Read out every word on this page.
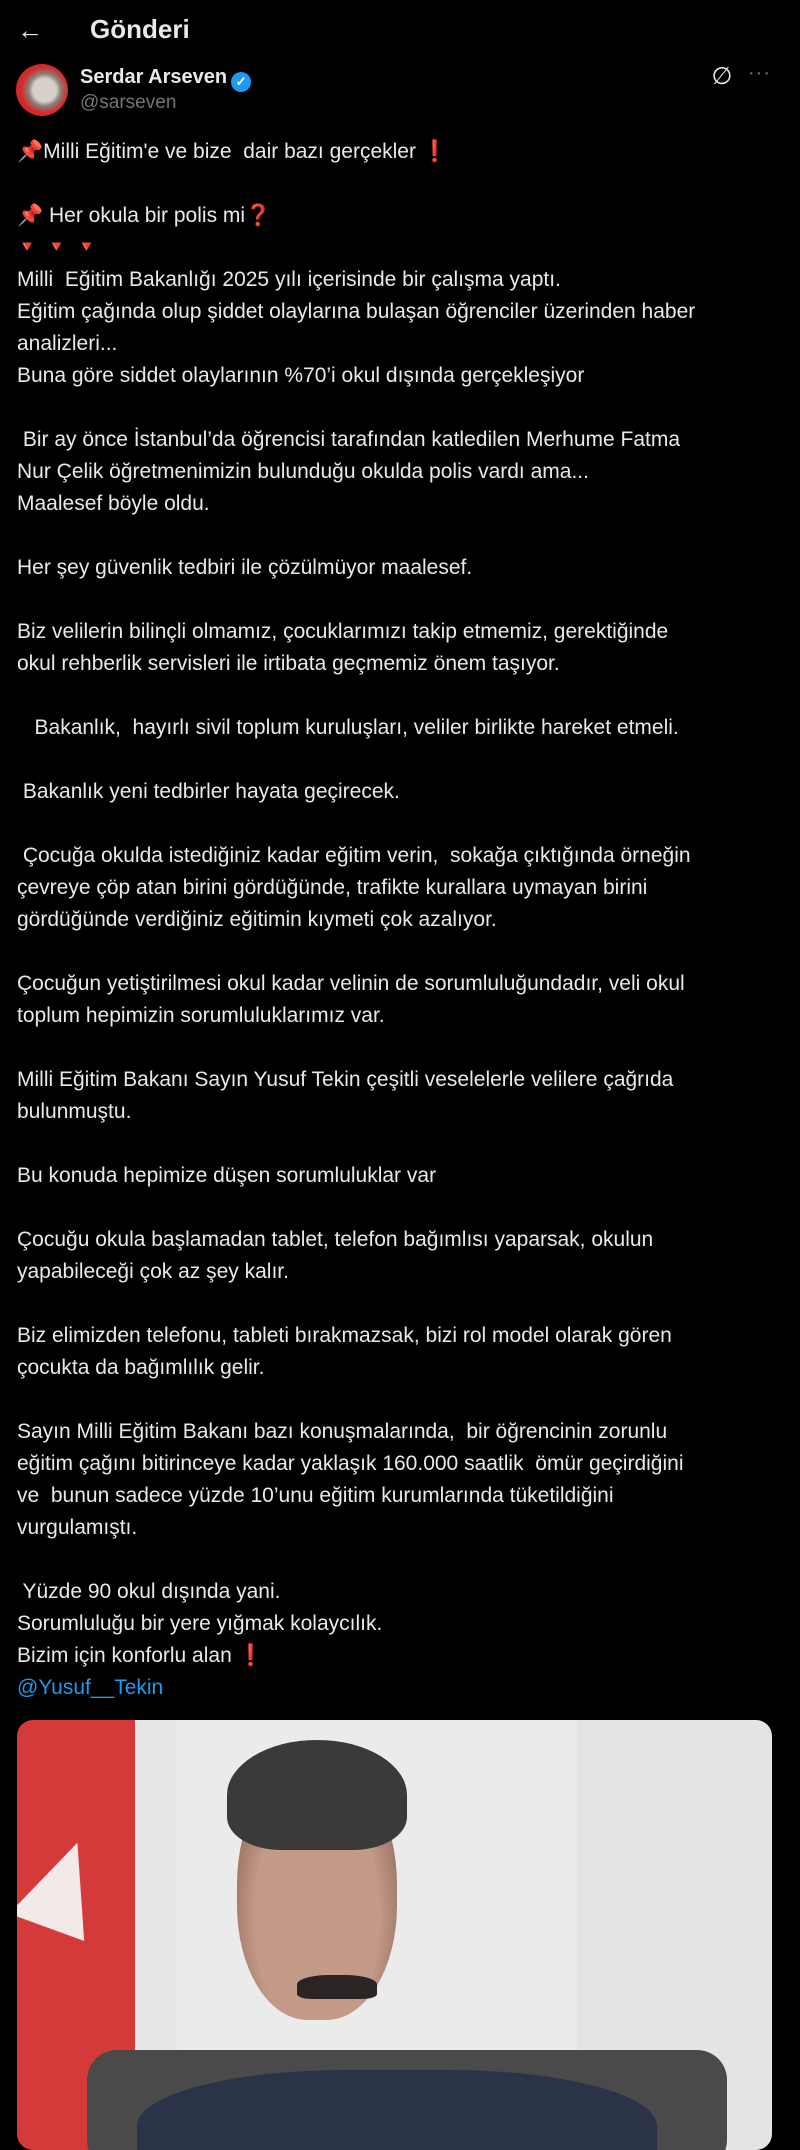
← Gönderi
Serdar Arseven ✓
@sarseven
∅ ···

📌Milli Eğitim'e ve bize  dair bazı gerçekler ❗

📌 Her okula bir polis mi❓

🔻🔻🔻

Milli  Eğitim Bakanlığı 2025 yılı içerisinde bir çalışma yaptı.
Eğitim çağında olup şiddet olaylarına bulaşan öğrenciler üzerinden haber
analizleri...
Buna göre siddet olaylarının %70’i okul dışında gerçekleşiyor

Bir ay önce İstanbul’da öğrencisi tarafından katledilen Merhume Fatma
Nur Çelik öğretmenimizin bulunduğu okulda polis vardı ama...
Maalesef böyle oldu.

Her şey güvenlik tedbiri ile çözülmüyor maalesef.

Biz velilerin bilinçli olmamız, çocuklarımızı takip etmemiz, gerektiğinde
okul rehberlik servisleri ile irtibata geçmemiz önem taşıyor.

Bakanlık,  hayırlı sivil toplum kuruluşları, veliler birlikte hareket etmeli.

Bakanlık yeni tedbirler hayata geçirecek.

Çocuğa okulda istediğiniz kadar eğitim verin,  sokağa çıktığında örneğin
çevreye çöp atan birini gördüğünde, trafikte kurallara uymayan birini
gördüğünde verdiğiniz eğitimin kıymeti çok azalıyor.

Çocuğun yetiştirilmesi okul kadar velinin de sorumluluğundadır, veli okul
toplum hepimizin sorumluluklarımız var.

Milli Eğitim Bakanı Sayın Yusuf Tekin çeşitli veselelerle velilere çağrıda
bulunmuştu.

Bu konuda hepimize düşen sorumluluklar var

Çocuğu okula başlamadan tablet, telefon bağımlısı yaparsak, okulun
yapabileceği çok az şey kalır.

Biz elimizden telefonu, tableti bırakmazsak, bizi rol model olarak gören
çocukta da bağımlılık gelir.

Sayın Milli Eğitim Bakanı bazı konuşmalarında,  bir öğrencinin zorunlu
eğitim çağını bitirinceye kadar yaklaşık 160.000 saatlik  ömür geçirdiğini
ve  bunun sadece yüzde 10’unu eğitim kurumlarında tüketildiğini
vurgulamıştı.

Yüzde 90 okul dışında yani.
Sorumluluğu bir yere yığmak kolaycılık.
Bizim için konforlu alan ❗

@Yusuf__Tekin
